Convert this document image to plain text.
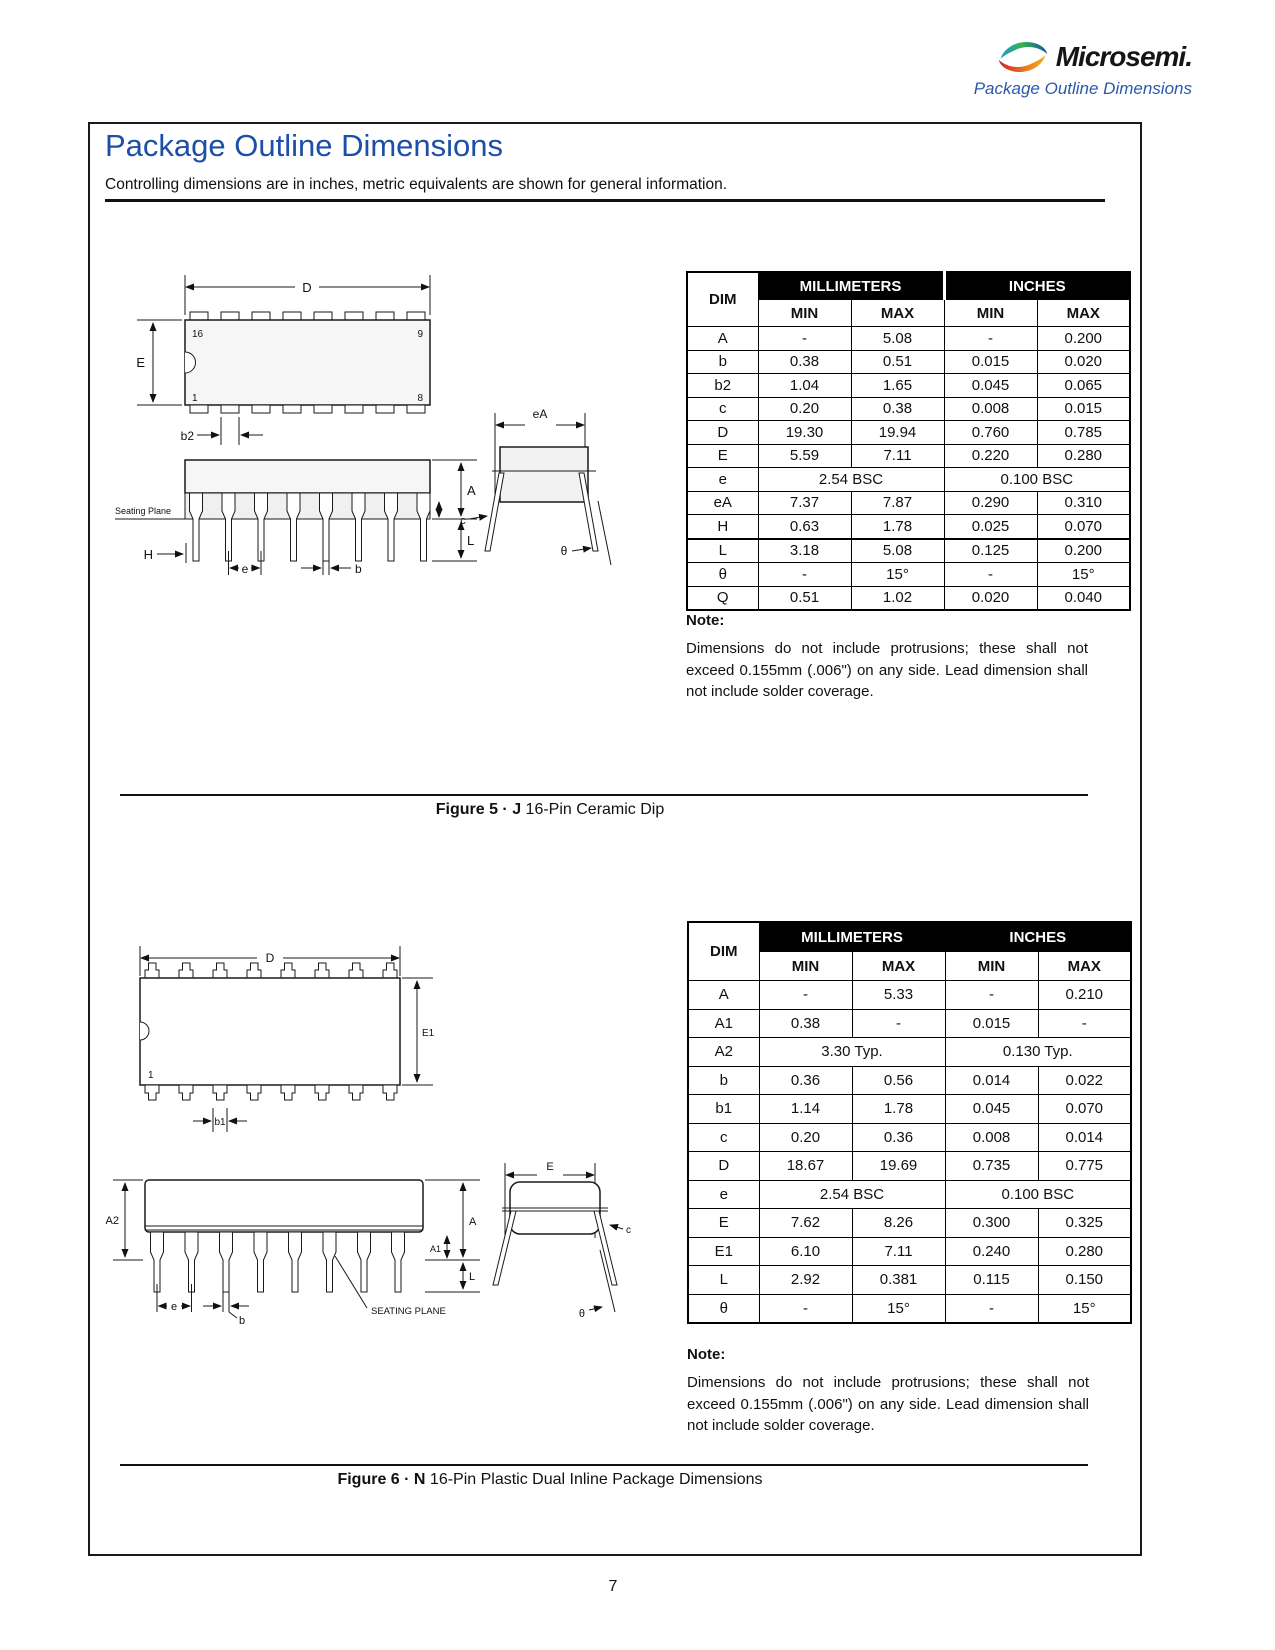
Microsemi.
Package Outline Dimensions
Package Outline Dimensions
Controlling dimensions are in inches, metric equivalents are shown for general information.
D
E
b2
16	9
1	8
Seating Plane
A
L
H
e	b
eA
c
θ
DIM	MILLIMETERS		INCHES	
	MIN	MAX	MIN	MAX
A	-	5.08	-	0.200
b	0.38	0.51	0.015	0.020
b2	1.04	1.65	0.045	0.065
c	0.20	0.38	0.008	0.015
D	19.30	19.94	0.760	0.785
E	5.59	7.11	0.220	0.280
e	2.54 BSC		0.100 BSC	
eA	7.37	7.87	0.290	0.310
H	0.63	1.78	0.025	0.070
L	3.18	5.08	0.125	0.200
θ	-	15°	-	15°
Q	0.51	1.02	0.020	0.040
Note:
Dimensions do not include protrusions; these shall not exceed 0.155mm (.006") on any side. Lead dimension shall not include solder coverage.
Figure 5 · J 16-Pin Ceramic Dip
D
E1
1
b1
A2	A
A1
L
e
b
SEATING PLANE
E
c
θ
DIM	MILLIMETERS		INCHES	
	MIN	MAX	MIN	MAX
A	-	5.33	-	0.210
A1	0.38	-	0.015	-
A2	3.30 Typ.		0.130 Typ.	
b	0.36	0.56	0.014	0.022
b1	1.14	1.78	0.045	0.070
c	0.20	0.36	0.008	0.014
D	18.67	19.69	0.735	0.775
e	2.54 BSC		0.100 BSC	
E	7.62	8.26	0.300	0.325
E1	6.10	7.11	0.240	0.280
L	2.92	0.381	0.115	0.150
θ	-	15°	-	15°
Note:
Dimensions do not include protrusions; these shall not exceed 0.155mm (.006") on any side. Lead dimension shall not include solder coverage.
Figure 6 · N 16-Pin Plastic Dual Inline Package Dimensions
7
